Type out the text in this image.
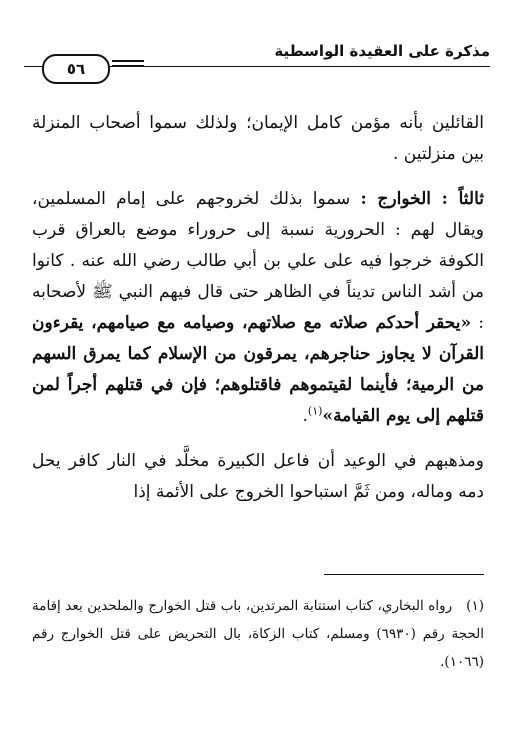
مذكرة على العقيدة الواسطية
٥٦

القائلين بأنه مؤمن كامل الإيمان؛ ولذلك سموا أصحاب المنزلة بين منزلتين .

ثالثاً : الخوارج : سموا بذلك لخروجهم على إمام المسلمين، ويقال لهم : الحرورية نسبة إلى حروراء موضع بالعراق قرب الكوفة خرجوا فيه على علي بن أبي طالب رضي الله عنه . كانوا من أشد الناس تديناً في الظاهر حتى قال فيهم النبي ﷺ لأصحابه : «يحقر أحدكم صلاته مع صلاتهم، وصيامه مع صيامهم، يقرءون القرآن لا يجاوز حناجرهم، يمرقون من الإسلام كما يمرق السهم من الرمية؛ فأينما لقيتموهم فاقتلوهم؛ فإن في قتلهم أجراً لمن قتلهم إلى يوم القيامة»$^{(١)}$.

ومذهبهم في الوعيد أن فاعل الكبيرة مخلَّد في النار كافر يحل دمه وماله، ومن ثَمَّ استباحوا الخروج على الأئمة إذا

(١)رواه البخاري، كتاب استتابة المرتدين، باب قتل الخوارج والملحدين بعد إقامة الحجة رقم (٦٩٣٠) ومسلم، كتاب الزكاة، بال التحريض على قتل الخوارج رقم (١٠٦٦).
